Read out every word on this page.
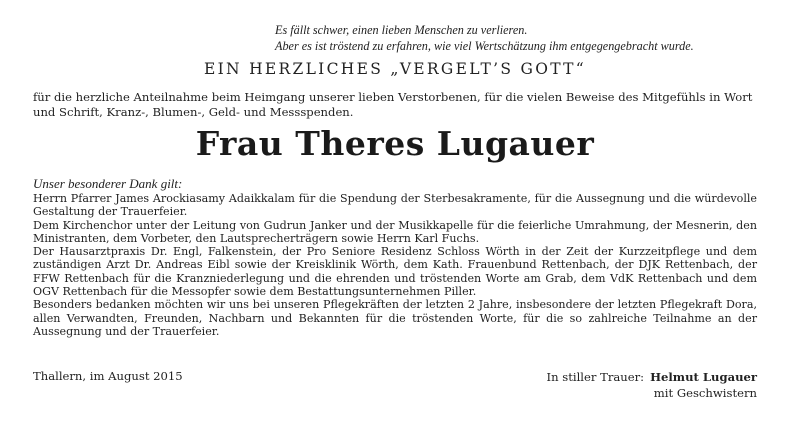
Es fällt schwer, einen lieben Menschen zu verlieren.
Aber es ist tröstend zu erfahren, wie viel Wertschätzung ihm entgegengebracht wurde.
EIN HERZLICHES „VERGELT’S GOTT“
für die herzliche Anteilnahme beim Heimgang unserer lieben Verstorbenen, für die vielen Beweise des Mitgefühls in Wort und Schrift, Kranz-, Blumen-, Geld- und Messspenden.
Frau Theres Lugauer
Unser besonderer Dank gilt:

Herrn Pfarrer James Arockiasamy Adaikkalam für die Spendung der Sterbesakramente, für die Aussegnung und die würdevolle Gestaltung der Trauerfeier.

Dem Kirchenchor unter der Leitung von Gudrun Janker und der Musikkapelle für die feierliche Umrahmung, der Mesnerin, den Ministranten, dem Vorbeter, den Lautsprecherträgern sowie Herrn Karl Fuchs.

Der Hausarztpraxis Dr. Engl, Falkenstein, der Pro Seniore Residenz Schloss Wörth in der Zeit der Kurzzeitpflege und dem zuständigen Arzt Dr. Andreas Eibl sowie der Kreisklinik Wörth, dem Kath. Frauenbund Rettenbach, der DJK Rettenbach, der FFW Rettenbach für die Kranzniederlegung und die ehrenden und tröstenden Worte am Grab, dem VdK Rettenbach und dem OGV Rettenbach für die Messopfer sowie dem Bestattungsunternehmen Piller.

Besonders bedanken möchten wir uns bei unseren Pflegekräften der letzten 2 Jahre, insbesondere der letzten Pflegekraft Dora, allen Verwandten, Freunden, Nachbarn und Bekannten für die tröstenden Worte, für die so zahlreiche Teilnahme an der Aussegnung und der Trauerfeier.

Thallern, im August 2015	In stiller Trauer: Helmut Lugauer
mit Geschwistern
